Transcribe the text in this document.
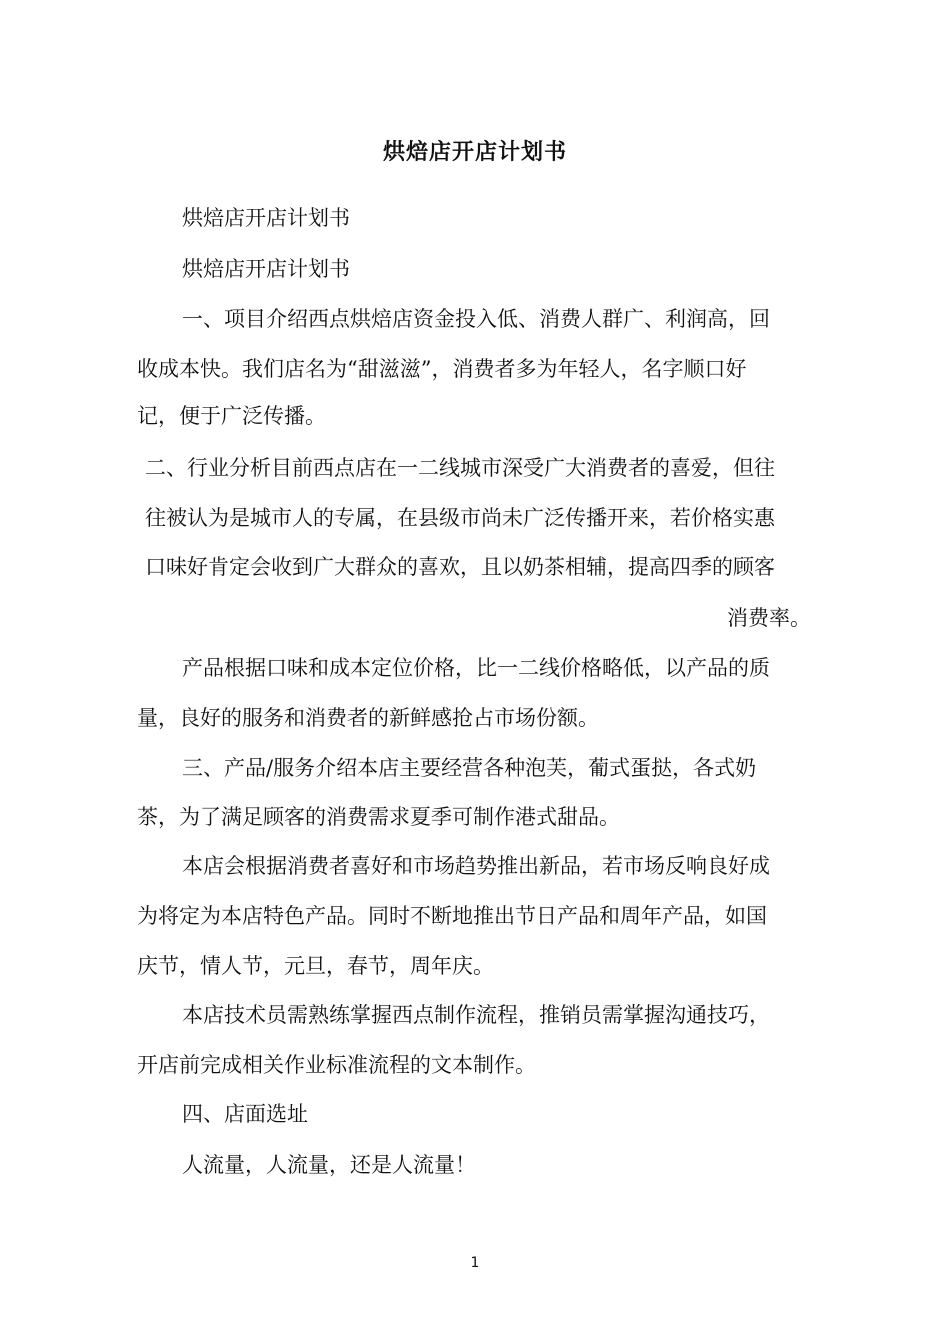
烘焙店开店计划书
烘焙店开店计划书
烘焙店开店计划书
一、项目介绍西点烘焙店资金投入低、消费人群广、利润高，回
收成本快。我们店名为“甜滋滋”，消费者多为年轻人，名字顺口好
记，便于广泛传播。
二、行业分析目前西点店在一二线城市深受广大消费者的喜爱，但往
往被认为是城市人的专属，在县级市尚未广泛传播开来，若价格实惠
口味好肯定会收到广大群众的喜欢，且以奶茶相辅，提高四季的顾客
消费率。
产品根据口味和成本定位价格，比一二线价格略低，以产品的质
量，良好的服务和消费者的新鲜感抢占市场份额。
三、产品/服务介绍本店主要经营各种泡芙，葡式蛋挞，各式奶
茶，为了满足顾客的消费需求夏季可制作港式甜品。
本店会根据消费者喜好和市场趋势推出新品，若市场反响良好成
为将定为本店特色产品。同时不断地推出节日产品和周年产品，如国
庆节，情人节，元旦，春节，周年庆。
本店技术员需熟练掌握西点制作流程，推销员需掌握沟通技巧，
开店前完成相关作业标准流程的文本制作。
四、店面选址
人流量，人流量，还是人流量！
1
